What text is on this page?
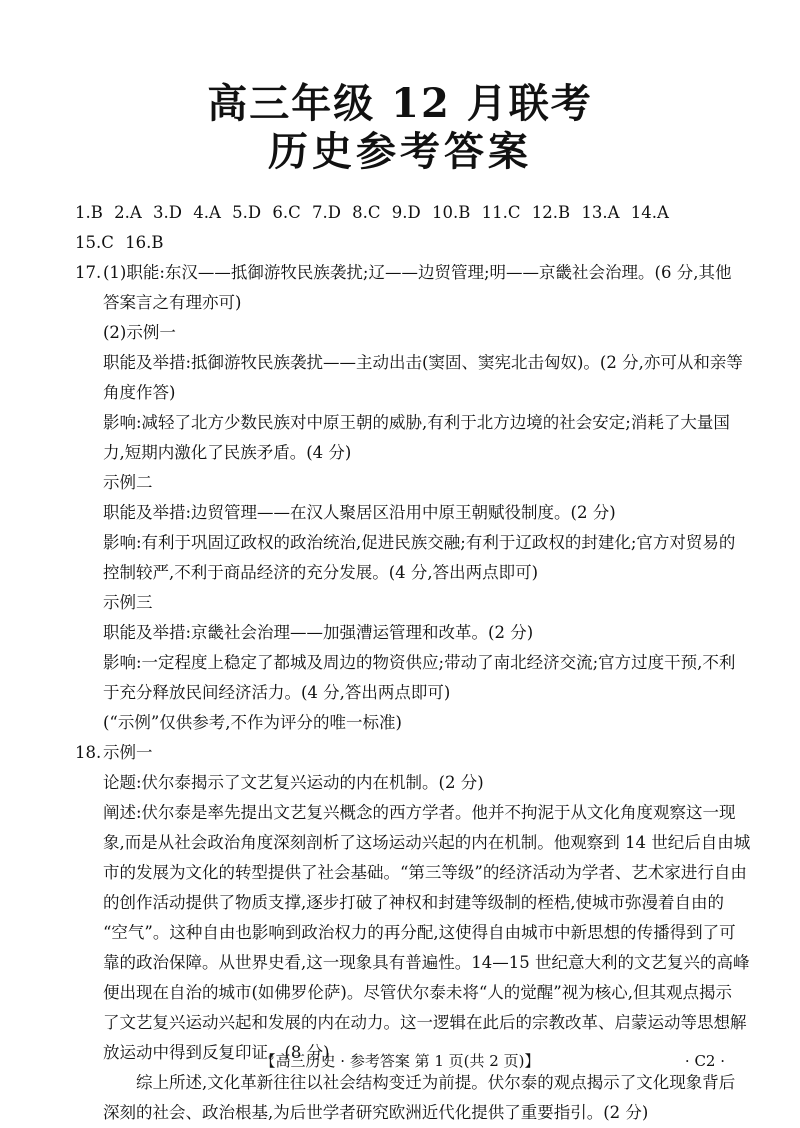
高三年级 12 月联考
历史参考答案
1.B 2.A 3.D 4.A 5.D 6.C 7.D 8.C 9.D 10.B 11.C 12.B 13.A 14.A
15.C 16.B
17. (1)职能:东汉——抵御游牧民族袭扰;辽——边贸管理;明——京畿社会治理。(6 分,其他
答案言之有理亦可)
(2)示例一
职能及举措:抵御游牧民族袭扰——主动出击(窦固、窦宪北击匈奴)。(2 分,亦可从和亲等
角度作答)
影响:减轻了北方少数民族对中原王朝的威胁,有利于北方边境的社会安定;消耗了大量国
力,短期内激化了民族矛盾。(4 分)
示例二
职能及举措:边贸管理——在汉人聚居区沿用中原王朝赋役制度。(2 分)
影响:有利于巩固辽政权的政治统治,促进民族交融;有利于辽政权的封建化;官方对贸易的
控制较严,不利于商品经济的充分发展。(4 分,答出两点即可)
示例三
职能及举措:京畿社会治理——加强漕运管理和改革。(2 分)
影响:一定程度上稳定了都城及周边的物资供应;带动了南北经济交流;官方过度干预,不利
于充分释放民间经济活力。(4 分,答出两点即可)
(“示例”仅供参考,不作为评分的唯一标准)
18. 示例一
论题:伏尔泰揭示了文艺复兴运动的内在机制。(2 分)
阐述:伏尔泰是率先提出文艺复兴概念的西方学者。他并不拘泥于从文化角度观察这一现
象,而是从社会政治角度深刻剖析了这场运动兴起的内在机制。他观察到 14 世纪后自由城
市的发展为文化的转型提供了社会基础。“第三等级”的经济活动为学者、艺术家进行自由
的创作活动提供了物质支撑,逐步打破了神权和封建等级制的桎梏,使城市弥漫着自由的
“空气”。这种自由也影响到政治权力的再分配,这使得自由城市中新思想的传播得到了可
靠的政治保障。从世界史看,这一现象具有普遍性。14—15 世纪意大利的文艺复兴的高峰
便出现在自治的城市(如佛罗伦萨)。尽管伏尔泰未将“人的觉醒”视为核心,但其观点揭示
了文艺复兴运动兴起和发展的内在动力。这一逻辑在此后的宗教改革、启蒙运动等思想解
放运动中得到反复印证。(8 分)
综上所述,文化革新往往以社会结构变迁为前提。伏尔泰的观点揭示了文化现象背后
深刻的社会、政治根基,为后世学者研究欧洲近代化提供了重要指引。(2 分)
【高三历史 · 参考答案 第 1 页(共 2 页)】	· C2 ·
